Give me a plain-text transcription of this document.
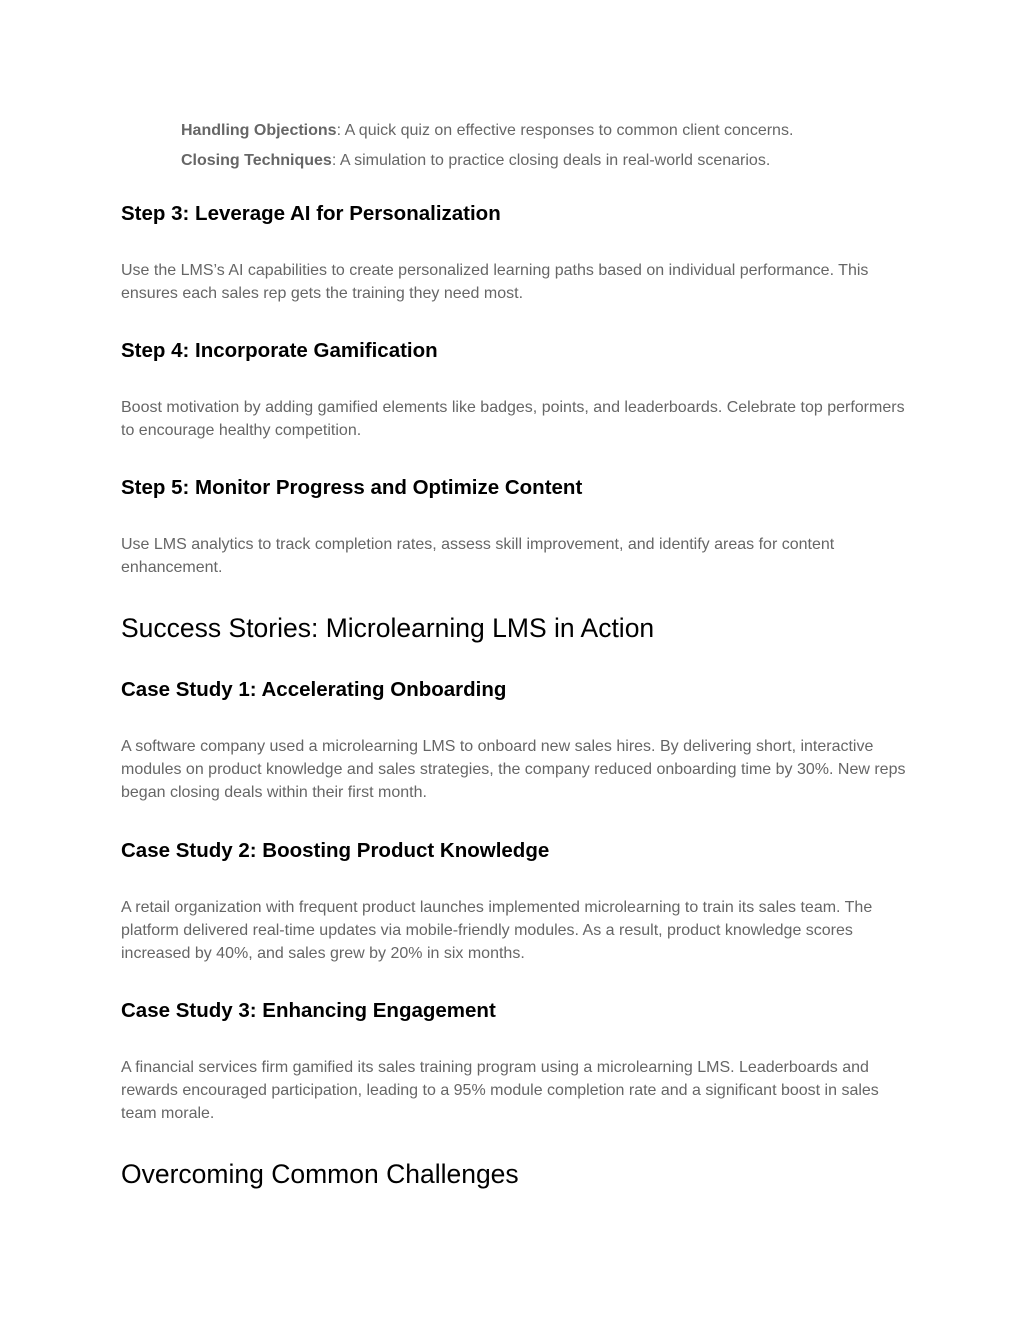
Handling Objections: A quick quiz on effective responses to common client concerns.
Closing Techniques: A simulation to practice closing deals in real-world scenarios.
Step 3: Leverage AI for Personalization

Use the LMS’s AI capabilities to create personalized learning paths based on individual performance. This ensures each sales rep gets the training they need most.

Step 4: Incorporate Gamification

Boost motivation by adding gamified elements like badges, points, and leaderboards. Celebrate top performers to encourage healthy competition.

Step 5: Monitor Progress and Optimize Content

Use LMS analytics to track completion rates, assess skill improvement, and identify areas for content enhancement.

Success Stories: Microlearning LMS in Action
Case Study 1: Accelerating Onboarding

A software company used a microlearning LMS to onboard new sales hires. By delivering short, interactive modules on product knowledge and sales strategies, the company reduced onboarding time by 30%. New reps began closing deals within their first month.

Case Study 2: Boosting Product Knowledge

A retail organization with frequent product launches implemented microlearning to train its sales team. The platform delivered real-time updates via mobile-friendly modules. As a result, product knowledge scores increased by 40%, and sales grew by 20% in six months.

Case Study 3: Enhancing Engagement

A financial services firm gamified its sales training program using a microlearning LMS. Leaderboards and rewards encouraged participation, leading to a 95% module completion rate and a significant boost in sales team morale.

Overcoming Common Challenges
